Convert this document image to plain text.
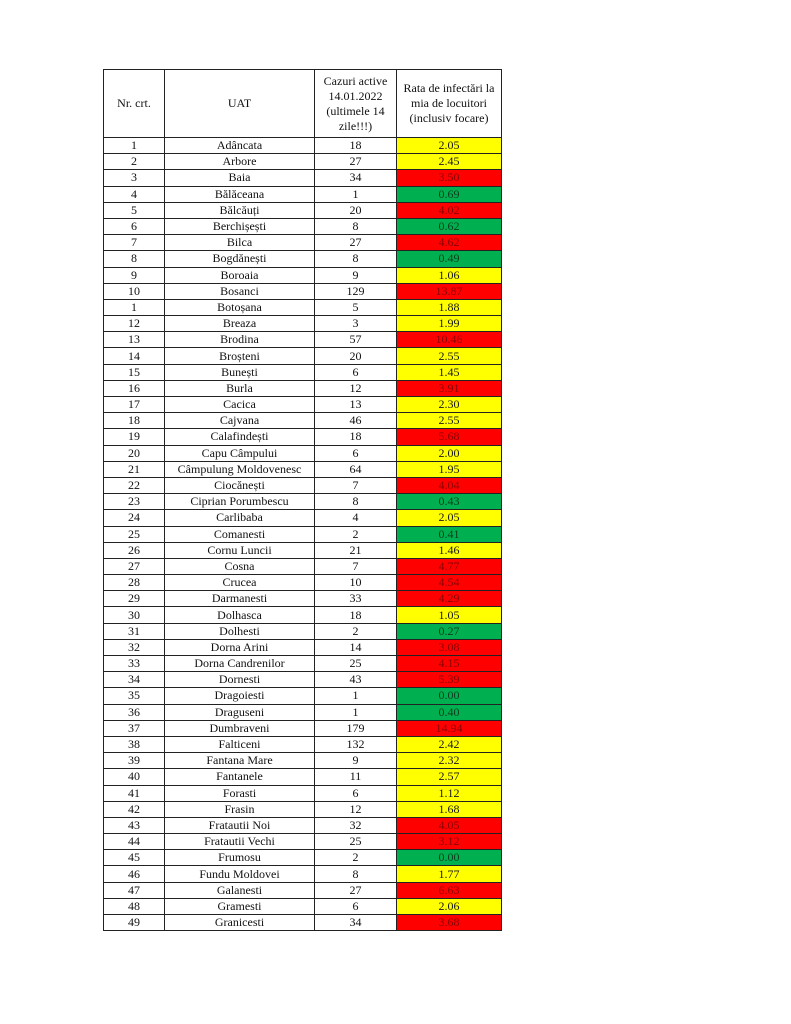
Nr. crt.	UAT	Cazuri active 14.01.2022 (ultimele 14 zile!!!)	Rata de infectări la mia de locuitori (inclusiv focare)
1	Adâncata	18	2.05
2	Arbore	27	2.45
3	Baia	34	3.50
4	Bălăceana	1	0.69
5	Bălcăuți	20	4.02
6	Berchișești	8	0.62
7	Bilca	27	4.62
8	Bogdănești	8	0.49
9	Boroaia	9	1.06
10	Bosanci	129	13.87
1	Botoșana	5	1.88
12	Breaza	3	1.99
13	Brodina	57	10.46
14	Broșteni	20	2.55
15	Bunești	6	1.45
16	Burla	12	3.91
17	Cacica	13	2.30
18	Cajvana	46	2.55
19	Calafindești	18	5.68
20	Capu Câmpului	6	2.00
21	Câmpulung Moldovenesc	64	1.95
22	Ciocănești	7	4.04
23	Ciprian Porumbescu	8	0.43
24	Carlibaba	4	2.05
25	Comanesti	2	0.41
26	Cornu Luncii	21	1.46
27	Cosna	7	4.77
28	Crucea	10	4.54
29	Darmanesti	33	4.29
30	Dolhasca	18	1.05
31	Dolhesti	2	0.27
32	Dorna Arini	14	3.08
33	Dorna Candrenilor	25	4.15
34	Dornesti	43	5.39
35	Dragoiesti	1	0.00
36	Draguseni	1	0.40
37	Dumbraveni	179	14.94
38	Falticeni	132	2.42
39	Fantana Mare	9	2.32
40	Fantanele	11	2.57
41	Forasti	6	1.12
42	Frasin	12	1.68
43	Fratautii Noi	32	4.05
44	Fratautii Vechi	25	3.12
45	Frumosu	2	0.00
46	Fundu Moldovei	8	1.77
47	Galanesti	27	6.63
48	Gramesti	6	2.06
49	Granicesti	34	3.68
